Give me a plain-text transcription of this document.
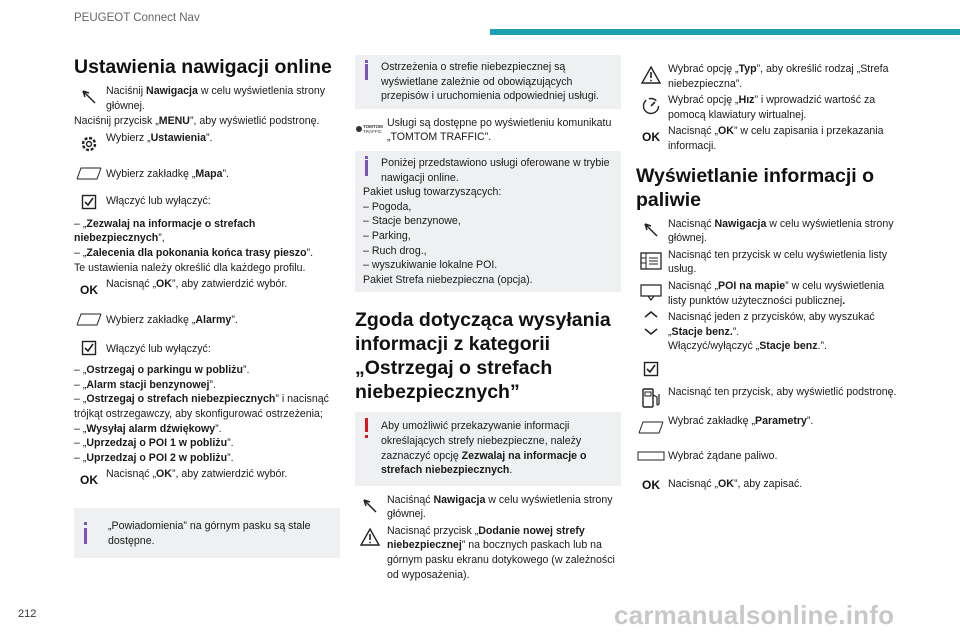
PEUGEOT Connect Nav
Ustawienia nawigacji online

Naciśnij Nawigacja w celu wyświetlenia strony głównej.

Naciśnij przycisk „MENU”, aby wyświetlić podstronę.

Wybierz „Ustawienia”.

Wybierz zakładkę „Mapa”.

Włączyć lub wyłączyć:

– „Zezwalaj na informacje o strefach niebezpiecznych”,

– „Zalecenia dla pokonania końca trasy pieszo”.

Te ustawienia należy określić dla każdego profilu.

OK Nacisnąć „OK”, aby zatwierdzić wybór.

Wybierz zakładkę „Alarmy”.

Włączyć lub wyłączyć:

– „Ostrzegaj o parkingu w pobliżu”.

– „Alarm stacji benzynowej”.

– „Ostrzegaj o strefach niebezpiecznych” i nacisnąć trójkąt ostrzegawczy, aby skonfigurować ostrzeżenia;

– „Wysyłaj alarm dźwiękowy”.

– „Uprzedzaj o POI 1 w pobliżu”.

– „Uprzedzaj o POI 2 w pobliżu”.

OK Nacisnąć „OK”, aby zatwierdzić wybór.

„Powiadomienia” na górnym pasku są stale dostępne.

Ostrzeżenia o strefie niebezpiecznej są wyświetlane zależnie od obowiązujących przepisów i uruchomienia odpowiedniej usługi.

TOMTOM
TRAFFIC

Usługi są dostępne po wyświetleniu komunikatu „TOMTOM TRAFFIC”.

Poniżej przedstawiono usługi oferowane w trybie nawigacji online.

Pakiet usług towarzyszących:

– Pogoda,

– Stacje benzynowe,

– Parking,

– Ruch drog.,

– wyszukiwanie lokalne POI.

Pakiet Strefa niebezpieczna (opcja).

Zgoda dotycząca wysyłania informacji z kategorii „Ostrzegaj o strefach niebezpiecznych”

Aby umożliwić przekazywanie informacji określających strefy niebezpieczne, należy zaznaczyć opcję Zezwalaj na informacje o strefach niebezpiecznych.

Naciśnąć Nawigacja w celu wyświetlenia strony głównej.

Nacisnąć przycisk „Dodanie nowej strefy niebezpiecznej” na bocznych paskach lub na górnym pasku ekranu dotykowego (w zależności od wyposażenia).

Wybrać opcję „Typ”, aby określić rodzaj „Strefa niebezpieczna”.

Wybrać opcję „Hız” i wprowadzić wartość za pomocą klawiatury wirtualnej.

OK Nacisnąć „OK” w celu zapisania i przekazania informacji.

Wyświetlanie informacji o paliwie

Nacisnąć Nawigacja w celu wyświetlenia strony głównej.

Nacisnąć ten przycisk w celu wyświetlenia listy usług.

Nacisnąć „POI na mapie” w celu wyświetlenia listy punktów użyteczności publicznej.

Nacisnąć jeden z przycisków, aby wyszukać „Stacje benz.”.
Włączyć/wyłączyć „Stacje benz.”.

Nacisnąć ten przycisk, aby wyświetlić podstronę.

Wybrać zakładkę „Parametry”.

Wybrać żądane paliwo.

OK Nacisnąć „OK”, aby zapisać.

212	carmanualsonline.info
